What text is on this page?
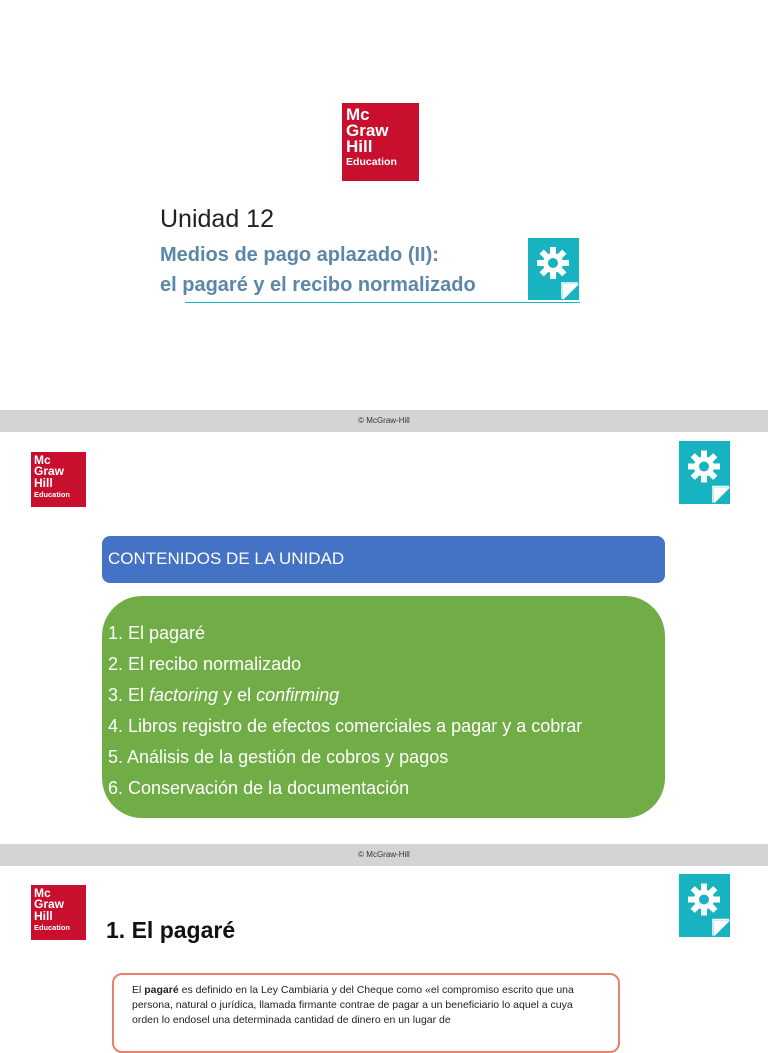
Mc
Graw
Hill
Education
Unidad 12
Medios de pago aplazado (II):
el pagaré y el recibo normalizado
© McGraw-Hill
Mc
Graw
Hill
Education
CONTENIDOS DE LA UNIDAD
1. El pagaré
2. El recibo normalizado
3. El factoring y el confirming
4. Libros registro de efectos comerciales a pagar y a cobrar
5. Análisis de la gestión de cobros y pagos
6. Conservación de la documentación
© McGraw-Hill
Mc
Graw
Hill
Education	1. El pagaré
El pagaré es definido en la Ley Cambiaria y del Cheque como «el compromiso escrito que una persona, natural o jurídica, llamada firmante contrae de pagar a un beneficiario lo aquel a cuya orden lo endosel una determinada cantidad de dinero en un lugar de
